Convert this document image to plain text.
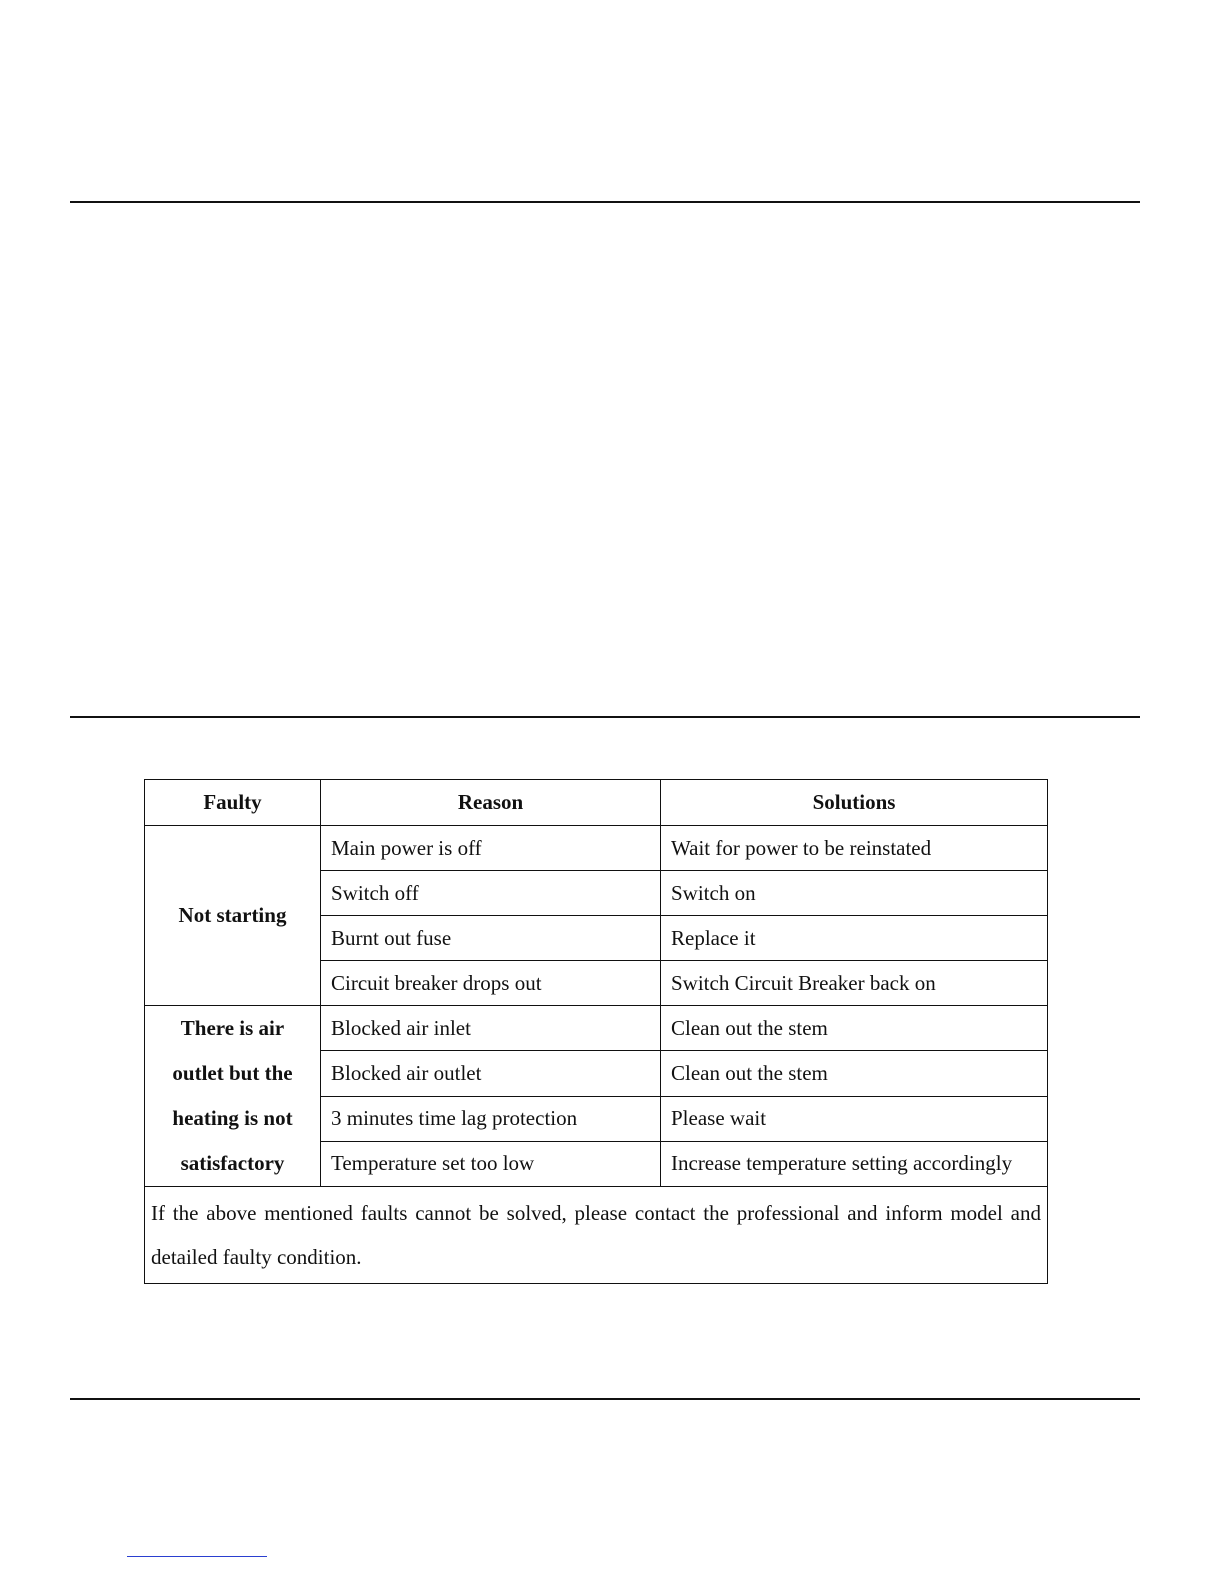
Faulty	Reason	Solutions
Not starting	Main power is off	Wait for power to be reinstated
	Switch off	Switch on
	Burnt out fuse	Replace it
	Circuit breaker drops out	Switch Circuit Breaker back on

There is air
outlet but the
heating is not
satisfactory	Blocked air inlet	Clean out the stem
	Blocked air outlet	Clean out the stem
	3 minutes time lag protection	Please wait
	Temperature set too low	Increase temperature setting accordingly
If the above mentioned faults cannot be solved, please contact the professional and inform model and detailed faulty condition.		
